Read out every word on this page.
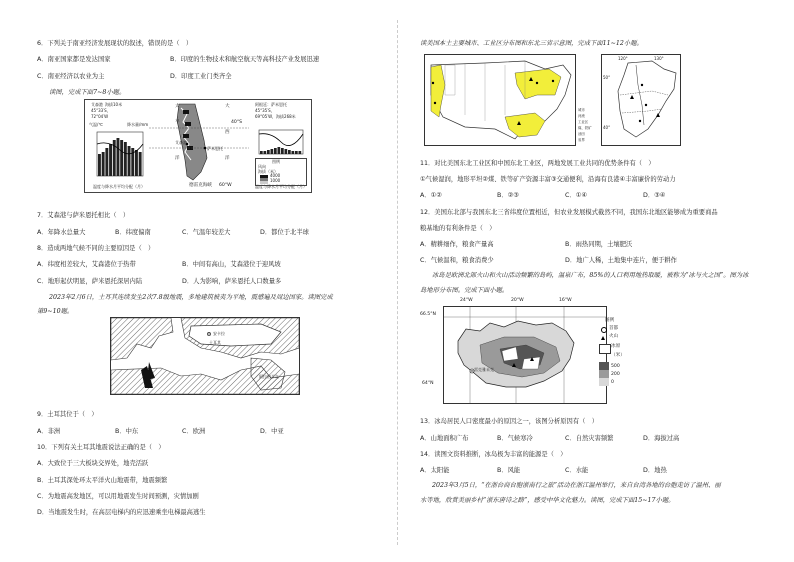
6．下列关于南亚经济发展现状的叙述，错误的是（　）
A．南亚国家都是发达国家	B．印度的生物技术和航空航天等高科技产业发展迅速
C．南亚经济以农业为主	D．印度工业门类齐全
读图，完成下面7~8小题。
艾森港 海拔10米
45°33′S，
72°04′W
气温/℃	降水量/mm
温度与降水月平均分配（月）
太
平
洋
大
西
洋
艾森港
萨米恩托
40°S
60°W
德雷克海峡
阿根廷：萨米恩托
45°35′S，
69°05′W，海拔268米
温度与降水月平均分配（月）
图例
风向
海拔（米）
4000
1000
7．艾森港与萨米恩托相比（　）
A．年降水总量大	B．纬度偏南	C．气温年较差大	D．都位于北半球
8．造成两地气候不同的主要原因是（　）
A．纬度相差较大，艾森港位于热带	B．中间有高山，艾森港位于迎风坡
C．地形起伏明显，萨米恩托深居内陆	D．人为影响，萨米恩托人口数量多
2023年2月6日，土耳其连续发生2次7.8级地震，多地建筑被夷为平地，震感遍及周边国家。读图完成
第9~10题。
安卡拉
土耳其
阿拉伯半岛
9．土耳其位于（　）
A．非洲	B．中东	C．欧洲	D．中亚
10．下列有关土耳其地震说法正确的是（　）
A．大致位于三大板块交界处，地壳活跃
B．土耳其深处环太平洋火山地震带，地震频繁
C．为地震高发地区，可以用地震发生时间预测，灾情加剧
D．当地震发生时，在高层电梯内的应迅速乘坐电梯最高逃生
读美国本土主要城市、工业区分布图和东北三省示意图，完成下面11~12小题。
120°	130°
50°
40°
城市
河流
工业区
煤、铁矿
油田
省界
11．对比美国东北工业区和中国东北工业区，两地发展工业共同的优势条件有（　）
①气候湿润，地形平坦②煤、铁等矿产资源丰富③交通便利，沿海有良港④丰富廉价的劳动力
A．①②	B．②③	C．①④	D．③④
12．美国东北部与我国东北三省纬度位置相近，但农业发展模式截然不同，我国东北地区能够成为重要商品
粮基地的有利条件是（　）
A．精耕细作，粮食产量高	B．雨热同期，土壤肥沃
C．气候温和，粮食消费少	D．地广人稀，土地集中连片，便于耕作
冰岛是欧洲北部火山和火山活动频繁的岛屿，温泉广布，85%的人口利用地热取暖，被称为“冰与火之国”。图为冰
岛地形分布图。完成下面小题。
24°W	20°W	16°W
66.5°N
64°N
雷克雅未克
图例
首都
火山
冰原
（米）
500
200
0
13．冰岛居民人口密度最小的原因之一，该图分析原因有（　）
A．山地面积广布	B．气候寒冷	C．自然灾害频繁	D．海拔过高
14．读图文资料推断，冰岛极为丰富的能源是（　）
A．太阳能	B．风能	C．水能	D．地热
2023年3月5日，“在浙台商台胞浙南行之旅”活动在浙江温州举行，来自台湾各地的台胞走访了温州、丽
水等地，欣赏美丽乡村“浙东唐诗之路”，感受中华文化魅力。读图，完成下面15~17小题。
